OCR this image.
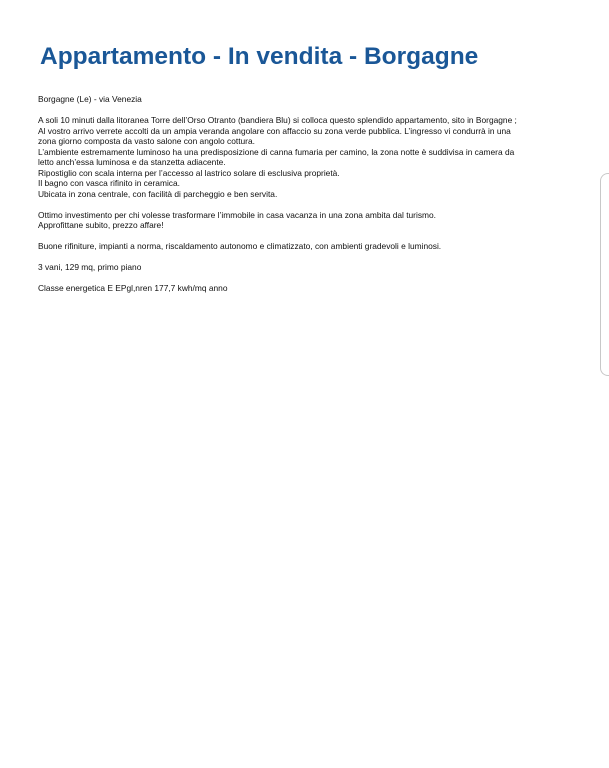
Appartamento - In vendita - Borgagne

Borgagne (Le) - via Venezia

A soli 10 minuti dalla litoranea Torre dell’Orso Otranto (bandiera Blu) si colloca questo splendido appartamento, sito in Borgagne ;
Al vostro arrivo verrete accolti da un ampia veranda angolare con affaccio su zona verde pubblica. L’ingresso vi condurrà in una
zona giorno composta da vasto salone con angolo cottura.
L’ambiente estremamente luminoso ha una predisposizione di canna fumaria per camino, la zona notte è suddivisa in camera da
letto anch’essa luminosa e da stanzetta adiacente.
Ripostiglio con scala interna per l’accesso al lastrico solare di esclusiva proprietà.
Il bagno con vasca rifinito in ceramica.
Ubicata in zona centrale, con facilità di parcheggio e ben servita.

Ottimo investimento per chi volesse trasformare l’immobile in casa vacanza in una zona ambita dal turismo.
Approfittane subito, prezzo affare!

Buone rifiniture, impianti a norma, riscaldamento autonomo e climatizzato, con ambienti gradevoli e luminosi.

3 vani, 129 mq, primo piano

Classe energetica E EPgl,nren 177,7 kwh/mq anno
